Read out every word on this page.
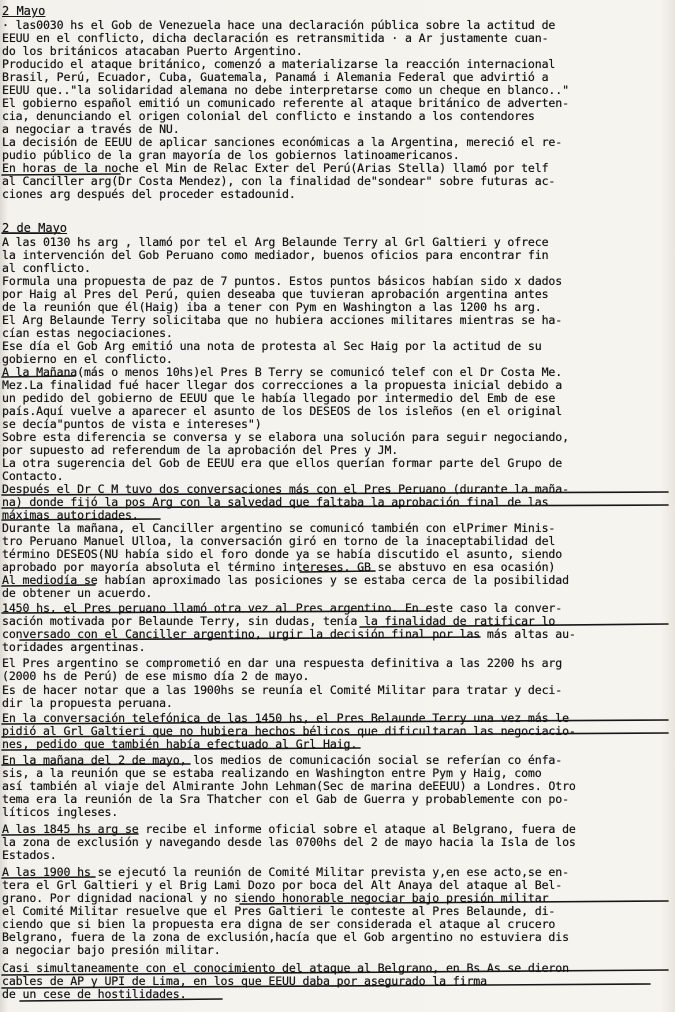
2 Mayo
· las0030 hs el Gob de Venezuela hace una declaración pública sobre la actitud de
EEUU en el conflicto, dicha declaración es retransmitida · a Ar justamente cuan-
do los británicos atacaban Puerto Argentino.
Producido el ataque británico, comenzó a materializarse la reacción internacional
Brasil, Perú, Ecuador, Cuba, Guatemala, Panamá i Alemania Federal que advirtió a
EEUU que.."la solidaridad alemana no debe interpretarse como un cheque en blanco.."
El gobierno español emitió un comunicado referente al ataque británico de adverten-
cia, denunciando el origen colonial del conflicto e instando a los contendores
a negociar a través de NU.
La decisión de EEUU de aplicar sanciones económicas a la Argentina, mereció el re-
pudio público de la gran mayoría de los gobiernos latinoamericanos.
En horas de la noche el Min de Relac Exter del Perú(Arias Stella) llamó por telf
al Canciller arg(Dr Costa Mendez), con la finalidad de"sondear" sobre futuras ac-
ciones arg después del proceder estadounid.
2 de Mayo
A las 0130 hs arg , llamó por tel el Arg Belaunde Terry al Grl Galtieri y ofrece
la intervención del Gob Peruano como mediador, buenos oficios para encontrar fin
al conflicto.
Formula una propuesta de paz de 7 puntos. Estos puntos básicos habían sido x dados
por Haig al Pres del Perú, quien deseaba que tuvieran aprobación argentina antes
de la reunión que él(Haig) iba a tener con Pym en Washington a las 1200 hs arg.
El Arg Belaunde Terry solicitaba que no hubiera acciones militares mientras se ha-
cían estas negociaciones.
Ese día el Gob Arg emitió una nota de protesta al Sec Haig por la actitud de su
gobierno en el conflicto.
A la Mañana(más o menos 10hs)el Pres B Terry se comunicó telef con el Dr Costa Me.
Mez.La finalidad fué hacer llegar dos correcciones a la propuesta inicial debido a
un pedido del gobierno de EEUU que le había llegado por intermedio del Emb de ese
país.Aquí vuelve a aparecer el asunto de los DESEOS de los isleños (en el original
se decía"puntos de vista e intereses")
Sobre esta diferencia se conversa y se elabora una solución para seguir negociando,
por supuesto ad referendum de la aprobación del Pres y JM.
La otra sugerencia del Gob de EEUU era que ellos querían formar parte del Grupo de
Contacto.
Después el Dr C M tuvo dos conversaciones más con el Pres Peruano (durante la maña-
na) donde fijó la pos Arg con la salvedad que faltaba la aprobación final de las
máximas autoridades.
Durante la mañana, el Canciller argentino se comunicó también con elPrimer Minis-
tro Peruano Manuel Ulloa, la conversación giró en torno de la inaceptabilidad del
término DESEOS(NU había sido el foro donde ya se había discutido el asunto, siendo
aprobado por mayoría absoluta el término intereses. GB se abstuvo en esa ocasión)
Al mediodía se habían aproximado las posiciones y se estaba cerca de la posibilidad
de obtener un acuerdo.
1450 hs, el Pres peruano llamó otra vez al Pres argentino. En este caso la conver-
sación motivada por Belaunde Terry, sin dudas, tenía la finalidad de ratificar lo
conversado con el Canciller argentino, urgir la decisión final por las más altas au-
toridades argentinas.
El Pres argentino se comprometió en dar una respuesta definitiva a las 2200 hs arg
(2000 hs de Perú) de ese mismo día 2 de mayo.
Es de hacer notar que a las 1900hs se reunía el Comité Militar para tratar y deci-
dir la propuesta peruana.
En la conversación telefónica de las 1450 hs, el Pres Belaunde Terry una vez más le
pidió al Grl Galtieri que no hubiera hechos bélicos que dificultaran las negociacio-
nes, pedido que también había efectuado al Grl Haig.
En la mañana del 2 de mayo, los medios de comunicación social se referían co énfa-
sis, a la reunión que se estaba realizando en Washington entre Pym y Haig, como
así también al viaje del Almirante John Lehman(Sec de marina deEEUU) a Londres. Otro
tema era la reunión de la Sra Thatcher con el Gab de Guerra y probablemente con po-
líticos ingleses.
A las 1845 hs arg se recibe el informe oficial sobre el ataque al Belgrano, fuera de
la zona de exclusión y navegando desde las 0700hs del 2 de mayo hacia la Isla de los
Estados.
A las 1900 hs se ejecutó la reunión de Comité Militar prevista y,en ese acto,se en-
tera el Grl Galtieri y el Brig Lami Dozo por boca del Alt Anaya del ataque al Bel-
grano. Por dignidad nacional y no siendo honorable negociar bajo presión militar
el Comité Militar resuelve que el Pres Galtieri le conteste al Pres Belaunde, di-
ciendo que si bien la propuesta era digna de ser considerada el ataque al crucero
Belgrano, fuera de la zona de exclusión,hacía que el Gob argentino no estuviera dis
a negociar bajo presión militar.
Casi simultaneamente con el conocimiento del ataque al Belgrano, en Bs As se dieron
cables de AP y UPI de Lima, en los que EEUU daba por asegurado la firma
de un cese de hostilidades.
